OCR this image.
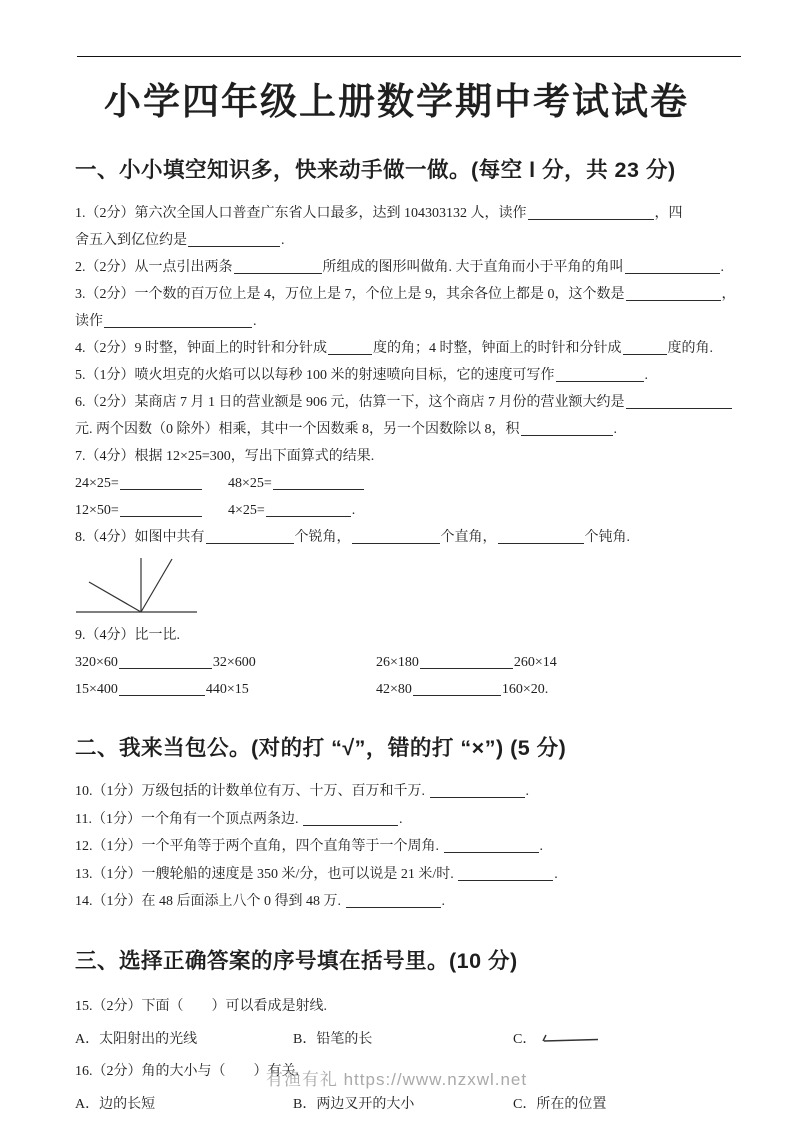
小学四年级上册数学期中考试试卷
一、小小填空知识多，快来动手做一做。(每空 l 分，共 23 分)

1.（2分）第六次全国人口普查广东省人口最多，达到 104303132 人，读作	，四

舍五入到亿位约是	.

2.（2分）从一点引出两条	所组成的图形叫做角. 大于直角而小于平角的角叫	.

3.（2分）一个数的百万位上是 4，万位上是 7，个位上是 9，其余各位上都是 0，这个数是	，

读作	.

4.（2分）9 时整，钟面上的时针和分针成	度的角；4 时整，钟面上的时针和分针成	度的角.

5.（1分）喷火坦克的火焰可以以每秒 100 米的射速喷向目标，它的速度可写作	.

6.（2分）某商店 7 月 1 日的营业额是 906 元，估算一下，这个商店 7 月份的营业额大约是

元. 两个因数（0 除外）相乘，其中一个因数乘 8，另一个因数除以 8，积	.

7.（4分）根据 12×25=300，写出下面算式的结果.

24×25=	48×25=

12×50=	4×25=	.

8.（4分）如图中共有	个锐角，	个直角，	个钝角.

9.（4分）比一比.

320×60	32×600	26×180	260×14

15×400	440×15	42×80	160×20.

二、我来当包公。(对的打 “√”，错的打 “×”) (5 分)

10.（1分）万级包括的计数单位有万、十万、百万和千万.	.

11.（1分）一个角有一个顶点两条边.	.

12.（1分）一个平角等于两个直角，四个直角等于一个周角.	.

13.（1分）一艘轮船的速度是 350 米/分，也可以说是 21 米/时.	.

14.（1分）在 48 后面添上八个 0 得到 48 万.	.

三、选择正确答案的序号填在括号里。(10 分)

15.（2分）下面（　　）可以看成是射线.

A．太阳射出的光线	B．铅笔的长	C．

16.（2分）角的大小与（　　）有关.

A．边的长短	B．两边叉开的大小	C．所在的位置
有渔有礼 https://www.nzxwl.net
